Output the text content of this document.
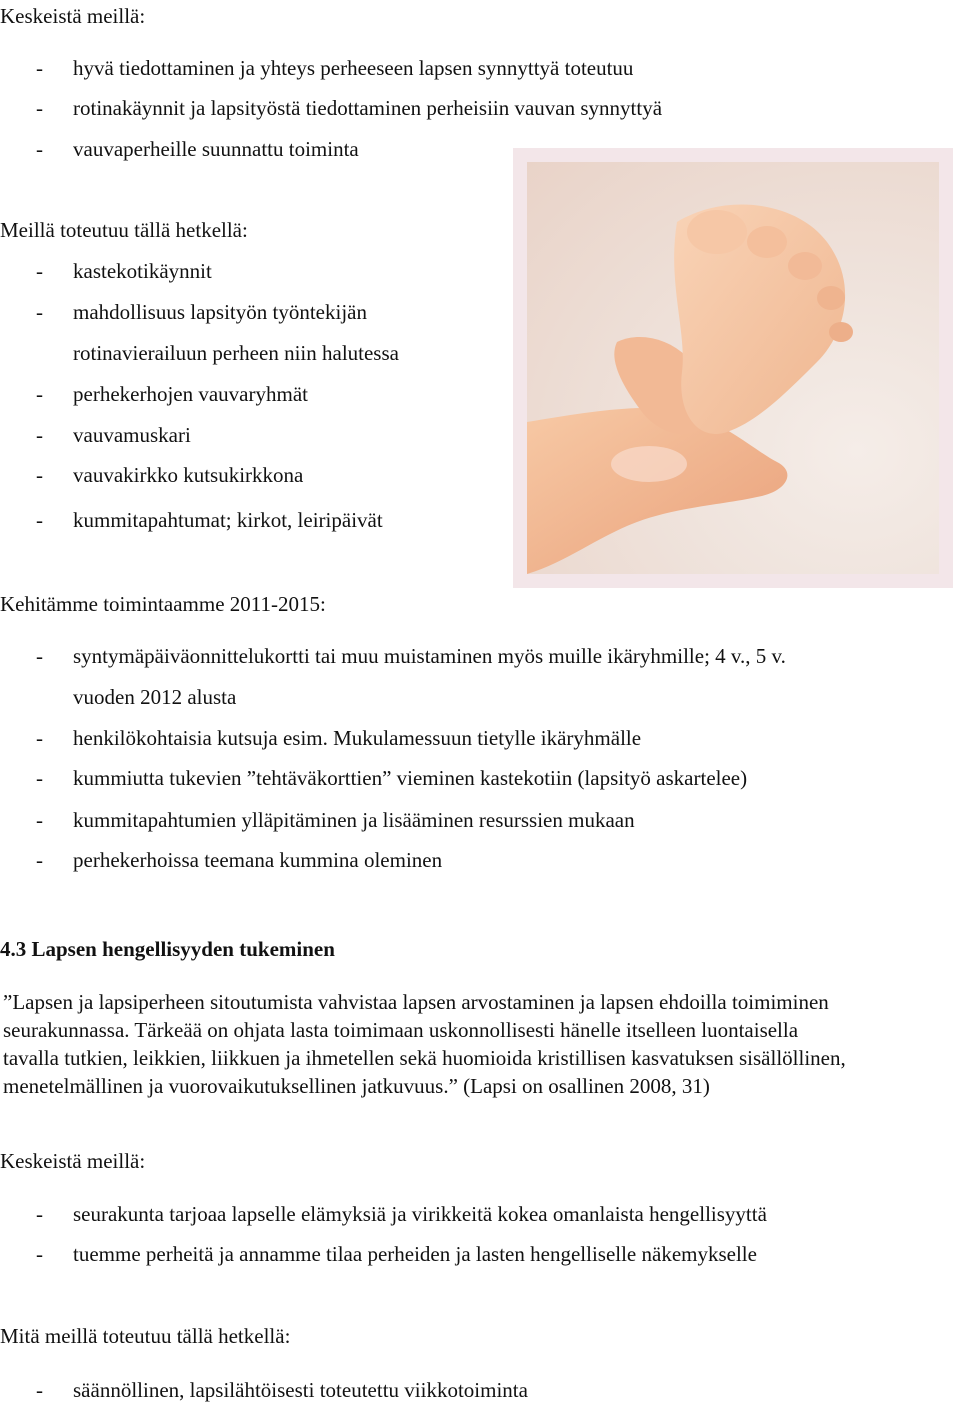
Keskeistä meillä:
- hyvä tiedottaminen ja yhteys perheeseen lapsen synnyttyä toteutuu
- rotinakäynnit ja lapsityöstä tiedottaminen perheisiin vauvan synnyttyä
- vauvaperheille suunnattu toiminta
Meillä toteutuu tällä hetkellä:
- kastekotikäynnit
- mahdollisuus lapsityön työntekijän
rotinavierailuun perheen niin halutessa
- perhekerhojen vauvaryhmät
- vauvamuskari
- vauvakirkko kutsukirkkona
- kummitapahtumat; kirkot, leiripäivät
Kehitämme toimintaamme 2011-2015:
- syntymäpäiväonnittelukortti tai muu muistaminen myös muille ikäryhmille; 4 v., 5 v.
vuoden 2012 alusta
- henkilökohtaisia kutsuja esim. Mukulamessuun tietylle ikäryhmälle
- kummiutta tukevien ”tehtäväkorttien” vieminen kastekotiin (lapsityö askartelee)
- kummitapahtumien ylläpitäminen ja lisääminen resurssien mukaan
- perhekerhoissa teemana kummina oleminen
4.3 Lapsen hengellisyyden tukeminen

”Lapsen ja lapsiperheen sitoutumista vahvistaa lapsen arvostaminen ja lapsen ehdoilla toimiminen

seurakunnassa. Tärkeää on ohjata lasta toimimaan uskonnollisesti hänelle itselleen luontaisella

tavalla tutkien, leikkien, liikkuen ja ihmetellen sekä huomioida kristillisen kasvatuksen sisällöllinen,

menetelmällinen ja vuorovaikutuksellinen jatkuvuus.” (Lapsi on osallinen 2008, 31)

Keskeistä meillä:
- seurakunta tarjoaa lapselle elämyksiä ja virikkeitä kokea omanlaista hengellisyyttä
- tuemme perheitä ja annamme tilaa perheiden ja lasten hengelliselle näkemykselle
Mitä meillä toteutuu tällä hetkellä:
- säännöllinen, lapsilähtöisesti toteutettu viikkotoiminta
